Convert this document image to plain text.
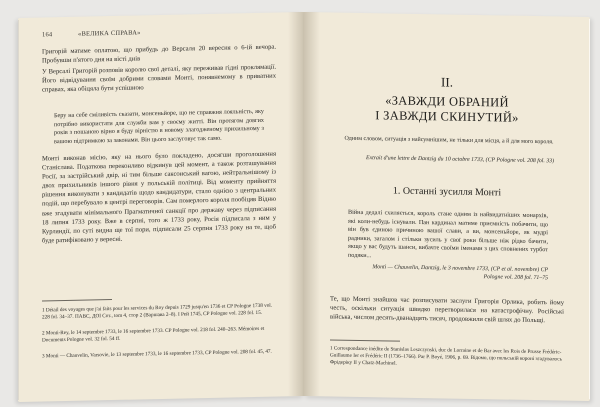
164	«ВЕЛИКА СПРАВА»
Григорій матиме оплатою, що прибудь до Версаля 20 вересня о 6-ій вечора. Пробувши п'ятого дня на вісті днів
У Версалі Григорій розповів королю свої деталі, яку переживав гідні проклямації. Його відвідування своїм добрими словами Монті, понявнемому в приватних справах, яка обіцяла бути успішною
Беру на себе сміливість сказати, монсеньйоре, що не справжня лояльність, яку потрібно використати для служби вам у своєму житті. Він протягом довгих років з пошаною вірно я буду вірністю в новому злагодженому прихильному з вашою підтримкою за законами. Він цього заслуговує так само.
Монті виконав місію, яку на нього було покладено, досягши проголошення Станіслава. Податкова переконливо відкинув цей момент, а також розташування Росії, за застрійський двір, ні тим більше саксонський вагою, нейтральнішому із двох прихильників іншого рівня у польській політиці. Від моменту прийняття рішення виконувати з кандидатів щодо кандидатури, стало однією з центральних подій, що перебувало в центрі переговорів. Сам померлого короля пообіцяв Відню вже згадувати мінімального Прагматичної санкції про державу через підписання 18 липня 1733 року. Вже в серпні, того ж 1733 року, Росія підписала з ним у Курляндії, по суті видна ще тої пори, підписали 25 серпня 1733 року на те, щоб буде ратифіковано у вересні.
1 Détail des voyages que j'ai faits pour les services du Roy depuis 1729 jusqu'en 1736 et CP Pologne 1738 vol. 228 fol. 34–37. ПАВС, ДОІ Сот., tom 4, стор 2 (Варшава 2–8). І Рей 1745, CP Pologne vol. 228 fol. 15.
2 Monti-Rey, le 14 septembre 1733, le 16 septembre 1733. CP Pologne vol. 218 fol. 240–263. Mémoires et Documents Pologne vol. 32 fol. 54 ff.
3 Monti — Chauvelin, Varsovie, le 13 septembre 1733, le 16 septembre 1733, CP Pologne vol. 208 fol. 45, 47.
II.
«ЗАВЖДИ ОБРАНИЙ
І ЗАВЖДИ СКИНУТИЙ»
Одним словом, ситуація з найсумнішим, не тільки для місця, а й для мого короля.
Extrait d'une lettre de Dantzig du 10 octobre 1733, (CP Pologne vol. 208 fol. 33)
1. Останні зусилля Монті
Війна дедалі схиляється, король стане одним із найвидатніших монархів, які коли-небудь існували. Пан кардинал матиме приємність побачити, що він був єдиною причиною вашої слави, а ви, монсеньйоре, як мудрі радники, загалом і стільки зусиль у свої роки більше ніж рідко бачити, якщо у вас будуть шанси, вибачте своїми іменами з цих сповнених турбот подяки...
Monti — Chauvelin, Dantzig, le 3 novembre 1733, (CP et al. novembre) CP Pologne vol. 208 fol. 71–75
Те, що Монті знайшов час розписувати заслуги Григорія Орлика, робить йому честь, оскільки ситуація швидко перетворилася на катастрофічну. Російські війська, числом десять-дванадцять тисяч, продовжили свій шлях до Польщі.
1 Correspondance inédite de Stanislas Leszczynski, duc de Lorraine et de Bar avec les Rois de Prusse Frédéric-Guillaume Ier et Frédéric II (1736–1766). Par P. Boyé, 1906, p. 69. Відомо, що польській короні згадувалось Фрідеріку II у Сhatz-Machinel.
